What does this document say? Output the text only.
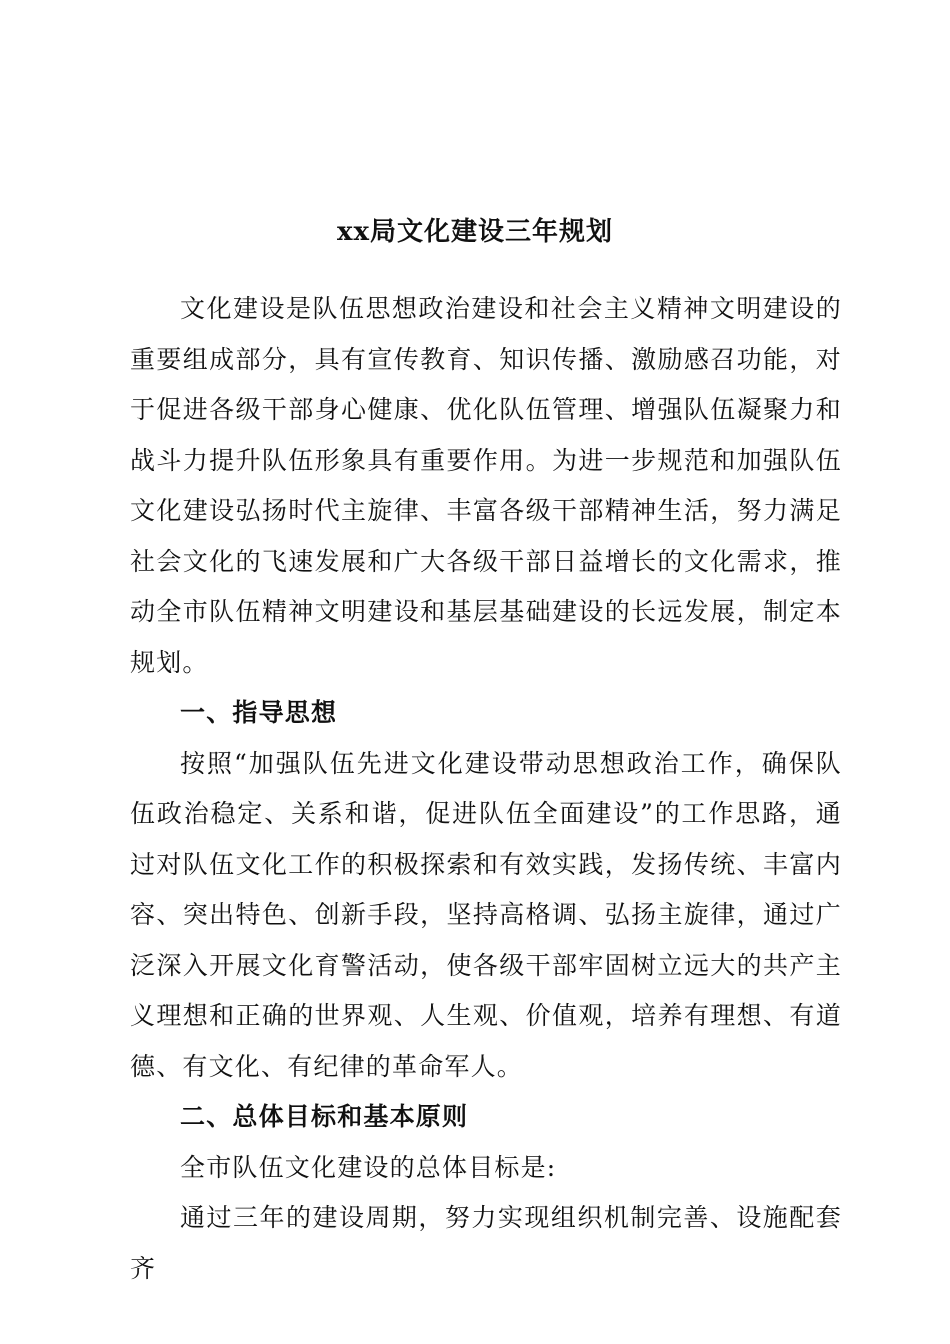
xx局文化建设三年规划

文化建设是队伍思想政治建设和社会主义精神文明建设的重要组成部分，具有宣传教育、知识传播、激励感召功能，对于促进各级干部身心健康、优化队伍管理、增强队伍凝聚力和战斗力提升队伍形象具有重要作用。为进一步规范和加强队伍文化建设弘扬时代主旋律、丰富各级干部精神生活，努力满足社会文化的飞速发展和广大各级干部日益增长的文化需求，推动全市队伍精神文明建设和基层基础建设的长远发展，制定本规划。

一、指导思想

按照“加强队伍先进文化建设带动思想政治工作，确保队伍政治稳定、关系和谐，促进队伍全面建设”的工作思路，通过对队伍文化工作的积极探索和有效实践，发扬传统、丰富内容、突出特色、创新手段，坚持高格调、弘扬主旋律，通过广泛深入开展文化育警活动，使各级干部牢固树立远大的共产主义理想和正确的世界观、人生观、价值观，培养有理想、有道德、有文化、有纪律的革命军人。

二、总体目标和基本原则

全市队伍文化建设的总体目标是:

通过三年的建设周期，努力实现组织机制完善、设施配套齐
